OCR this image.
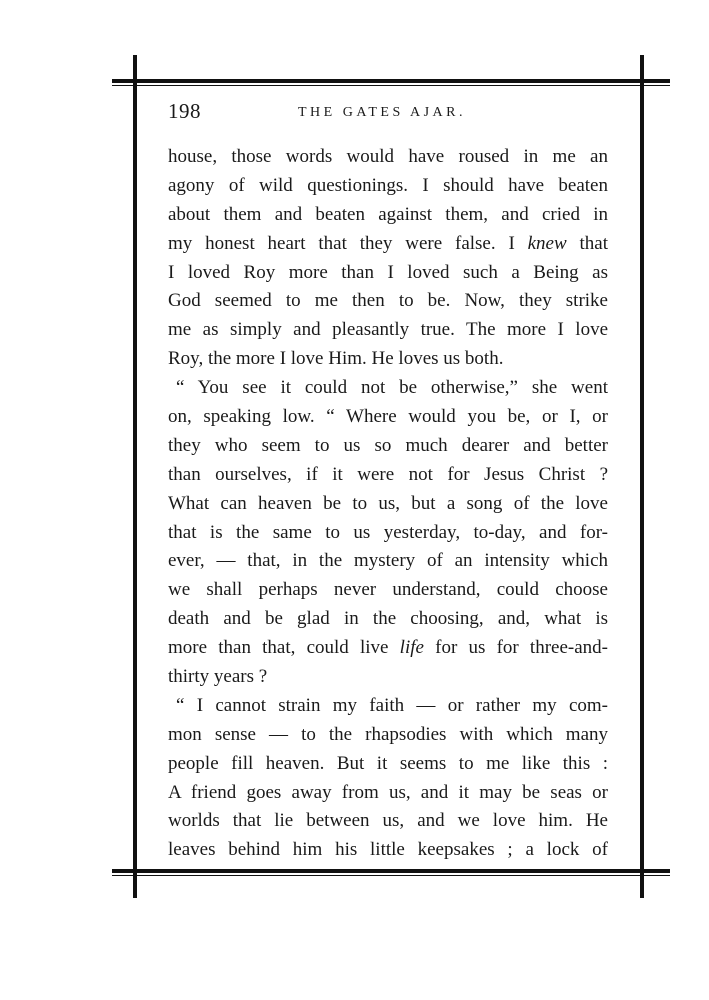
198	THE GATES AJAR.
house, those words would have roused in me an
agony of wild questionings. I should have beaten
about them and beaten against them, and cried in
my honest heart that they were false. I knew that
I loved Roy more than I loved such a Being as
God seemed to me then to be. Now, they strike
me as simply and pleasantly true. The more I love
Roy, the more I love Him. He loves us both.
“ You see it could not be otherwise,” she went
on, speaking low. “ Where would you be, or I, or
they who seem to us so much dearer and better
than ourselves, if it were not for Jesus Christ ?
What can heaven be to us, but a song of the love
that is the same to us yesterday, to-day, and for-
ever, — that, in the mystery of an intensity which
we shall perhaps never understand, could choose
death and be glad in the choosing, and, what is
more than that, could live life for us for three-and-
thirty years ?
“ I cannot strain my faith — or rather my com-
mon sense — to the rhapsodies with which many
people fill heaven. But it seems to me like this :
A friend goes away from us, and it may be seas or
worlds that lie between us, and we love him. He
leaves behind him his little keepsakes ; a lock of
